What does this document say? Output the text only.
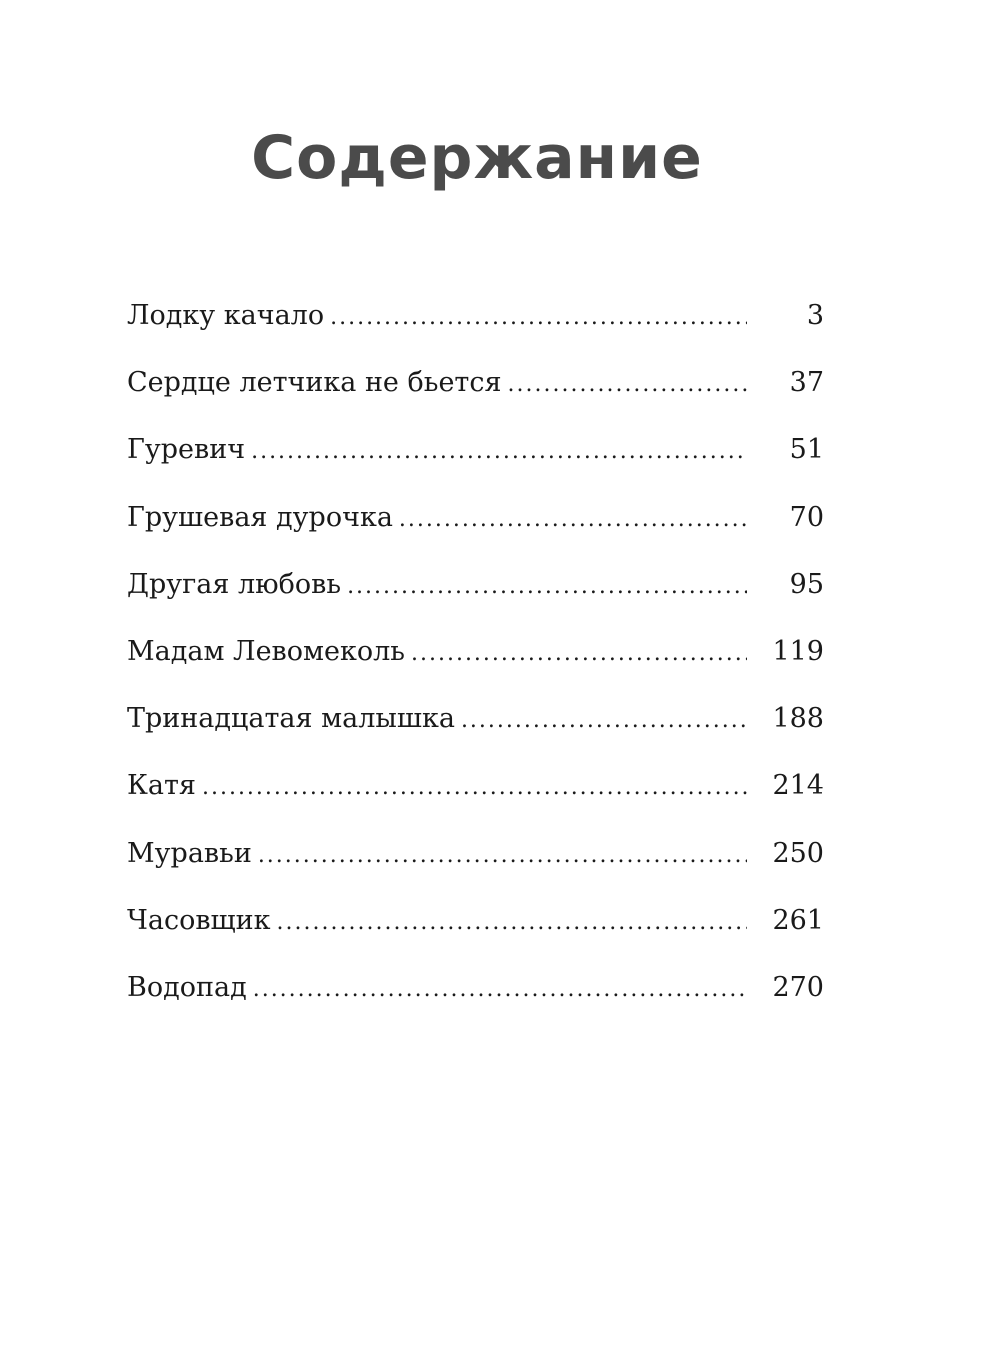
Содержание
Лодку качало .....	3
Сердце летчика не бьется .....	37
Гуревич .....	51
Грушевая дурочка .....	70
Другая любовь .....	95
Мадам Левомеколь .....	119
Тринадцатая малышка .....	188
Катя .....	214
Муравьи .....	250
Часовщик .....	261
Водопад .....	270
